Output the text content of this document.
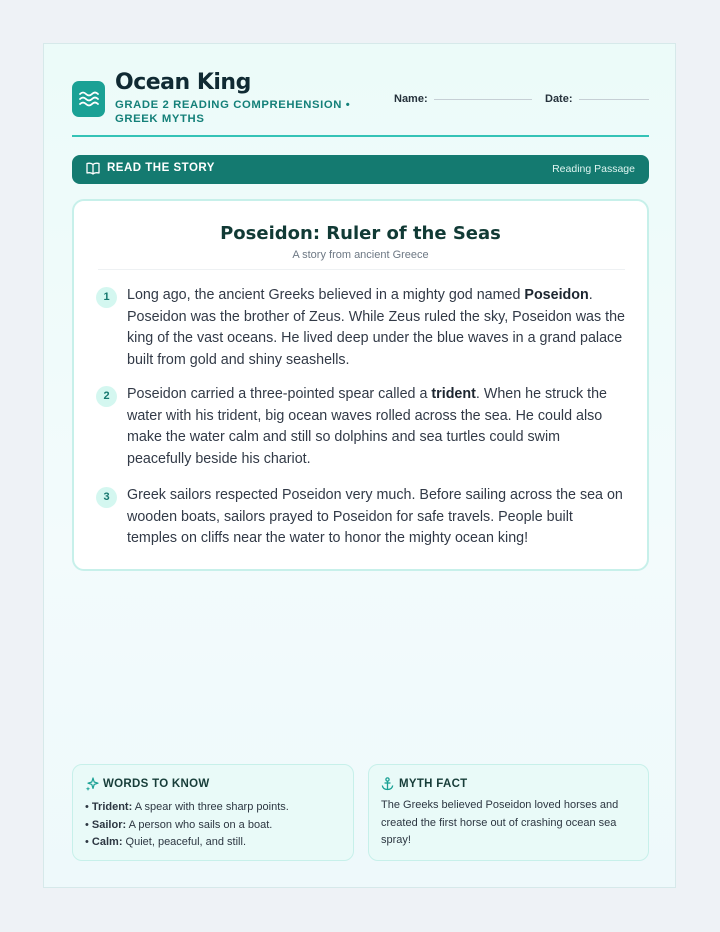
Ocean King
GRADE 2 READING COMPREHENSION • GREEK MYTHS
Name:	Date:
READ THE STORY	Reading Passage
Poseidon: Ruler of the Seas
A story from ancient Greece
1	Long ago, the ancient Greeks believed in a mighty god named Poseidon. Poseidon was the brother of Zeus. While Zeus ruled the sky, Poseidon was the king of the vast oceans. He lived deep under the blue waves in a grand palace built from gold and shiny seashells.
2	Poseidon carried a three-pointed spear called a trident. When he struck the water with his trident, big ocean waves rolled across the sea. He could also make the water calm and still so dolphins and sea turtles could swim peacefully beside his chariot.
3	Greek sailors respected Poseidon very much. Before sailing across the sea on wooden boats, sailors prayed to Poseidon for safe travels. People built temples on cliffs near the water to honor the mighty ocean king!
WORDS TO KNOW
• Trident: A spear with three sharp points.
• Sailor: A person who sails on a boat.
• Calm: Quiet, peaceful, and still.
MYTH FACT
The Greeks believed Poseidon loved horses and created the first horse out of crashing ocean sea spray!
